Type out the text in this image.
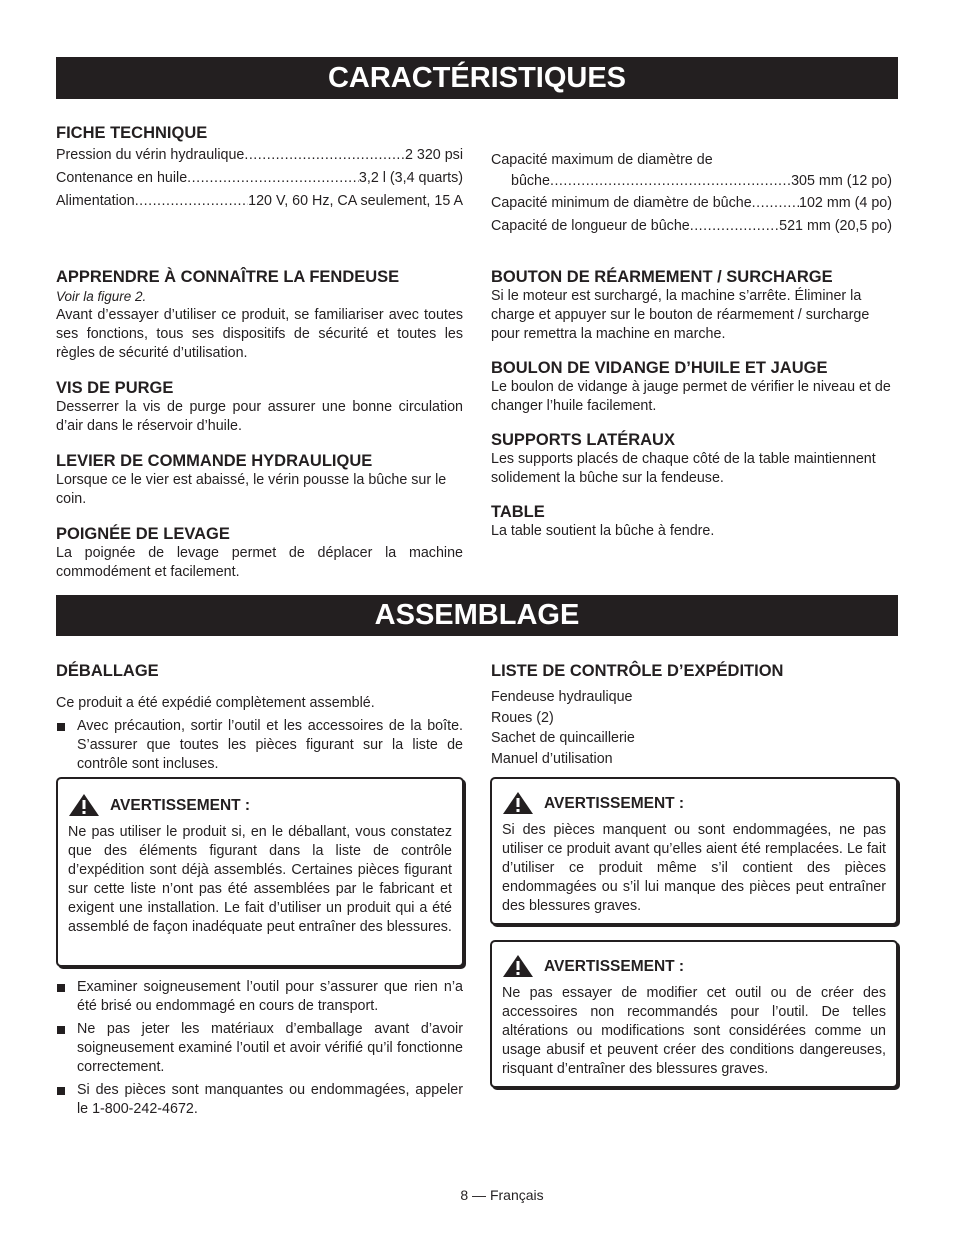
CARACTÉRISTIQUES
FICHE TECHNIQUE
Pression du vérin hydraulique .....	2 320 psi
Contenance en huile .....	3,2 l (3,4 quarts)
Alimentation .....	120 V, 60 Hz, CA seulement, 15 A
Capacité maximum de diamètre de
bûche .....	305 mm (12 po)
Capacité minimum de diamètre de bûche .....	102 mm (4 po)
Capacité de longueur de bûche .....	521 mm (20,5 po)
APPRENDRE À CONNAÎTRE LA FENDEUSE

Voir la figure 2.

Avant d’essayer d’utiliser ce produit, se familiariser avec toutes ses fonctions, tous ses dispositifs de sécurité et toutes les règles de sécurité d’utilisation.

VIS DE PURGE

Desserrer la vis de purge pour assurer une bonne circulation d’air dans le réservoir d’huile.

LEVIER DE COMMANDE HYDRAULIQUE

Lorsque ce le vier est abaissé, le vérin pousse la bûche sur le coin.

POIGNÉE DE LEVAGE

La poignée de levage permet de déplacer la machine commodément et facilement.

BOUTON DE RÉARMEMENT / SURCHARGE

Si le moteur est surchargé, la machine s’arrête. Éliminer la charge et appuyer sur le bouton de réarmement / surcharge pour remettra la machine en marche.

BOULON DE VIDANGE D’HUILE ET JAUGE

Le boulon de vidange à jauge permet de vérifier le niveau et de changer l’huile facilement.

SUPPORTS LATÉRAUX

Les supports placés de chaque côté de la table maintiennent solidement la bûche sur la fendeuse.

TABLE

La table soutient la bûche à fendre.

ASSEMBLAGE
DÉBALLAGE

Ce produit a été expédié complètement assemblé.

Avec précaution, sortir l’outil et les accessoires de la boîte. S’assurer que toutes les pièces figurant sur la liste de contrôle sont incluses.
AVERTISSEMENT :

Ne pas utiliser le produit si, en le déballant, vous constatez que des éléments figurant dans la liste de contrôle d’expédition sont déjà assemblés. Certaines pièces figurant sur cette liste n’ont pas été assemblées par le fabricant et exigent une installation. Le fait d’utiliser un produit qui a été assemblé de façon inadéquate peut entraîner des blessures.

Examiner soigneusement l’outil pour s’assurer que rien n’a été brisé ou endommagé en cours de transport.
Ne pas jeter les matériaux d’emballage avant d’avoir soigneusement examiné l’outil et avoir vérifié qu’il fonctionne correctement.
Si des pièces sont manquantes ou endommagées, appeler le 1-800-242-4672.
LISTE DE CONTRÔLE D’EXPÉDITION
Fendeuse hydraulique
Roues (2)
Sachet de quincaillerie
Manuel d’utilisation
AVERTISSEMENT :

Si des pièces manquent ou sont endommagées, ne pas utiliser ce produit avant qu’elles aient été remplacées. Le fait d’utiliser ce produit même s’il contient des pièces endommagées ou s’il lui manque des pièces peut entraîner des blessures graves.

AVERTISSEMENT :

Ne pas essayer de modifier cet outil ou de créer des accessoires non recommandés pour l’outil. De telles altérations ou modifications sont considérées comme un usage abusif et peuvent créer des conditions dangereuses, risquant d’entraîner des blessures graves.

8 — Français
